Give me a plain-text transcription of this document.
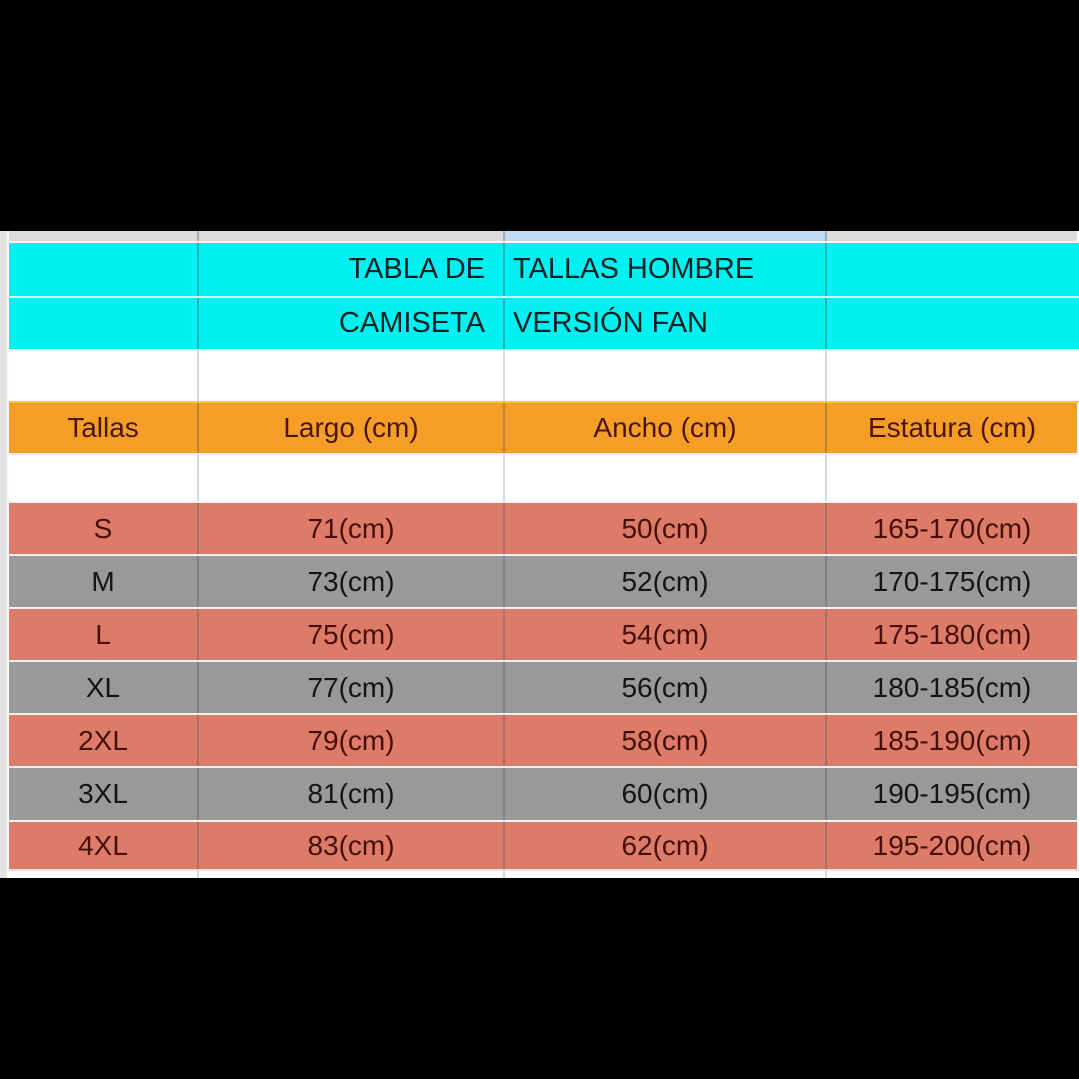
TABLA DE TALLAS HOMBRE
CAMISETA VERSIÓN FAN
Tallas	Largo (cm)	Ancho (cm)	Estatura (cm)
S	71(cm)	50(cm)	165-170(cm)
M	73(cm)	52(cm)	170-175(cm)
L	75(cm)	54(cm)	175-180(cm)
XL	77(cm)	56(cm)	180-185(cm)
2XL	79(cm)	58(cm)	185-190(cm)
3XL	81(cm)	60(cm)	190-195(cm)
4XL	83(cm)	62(cm)	195-200(cm)
